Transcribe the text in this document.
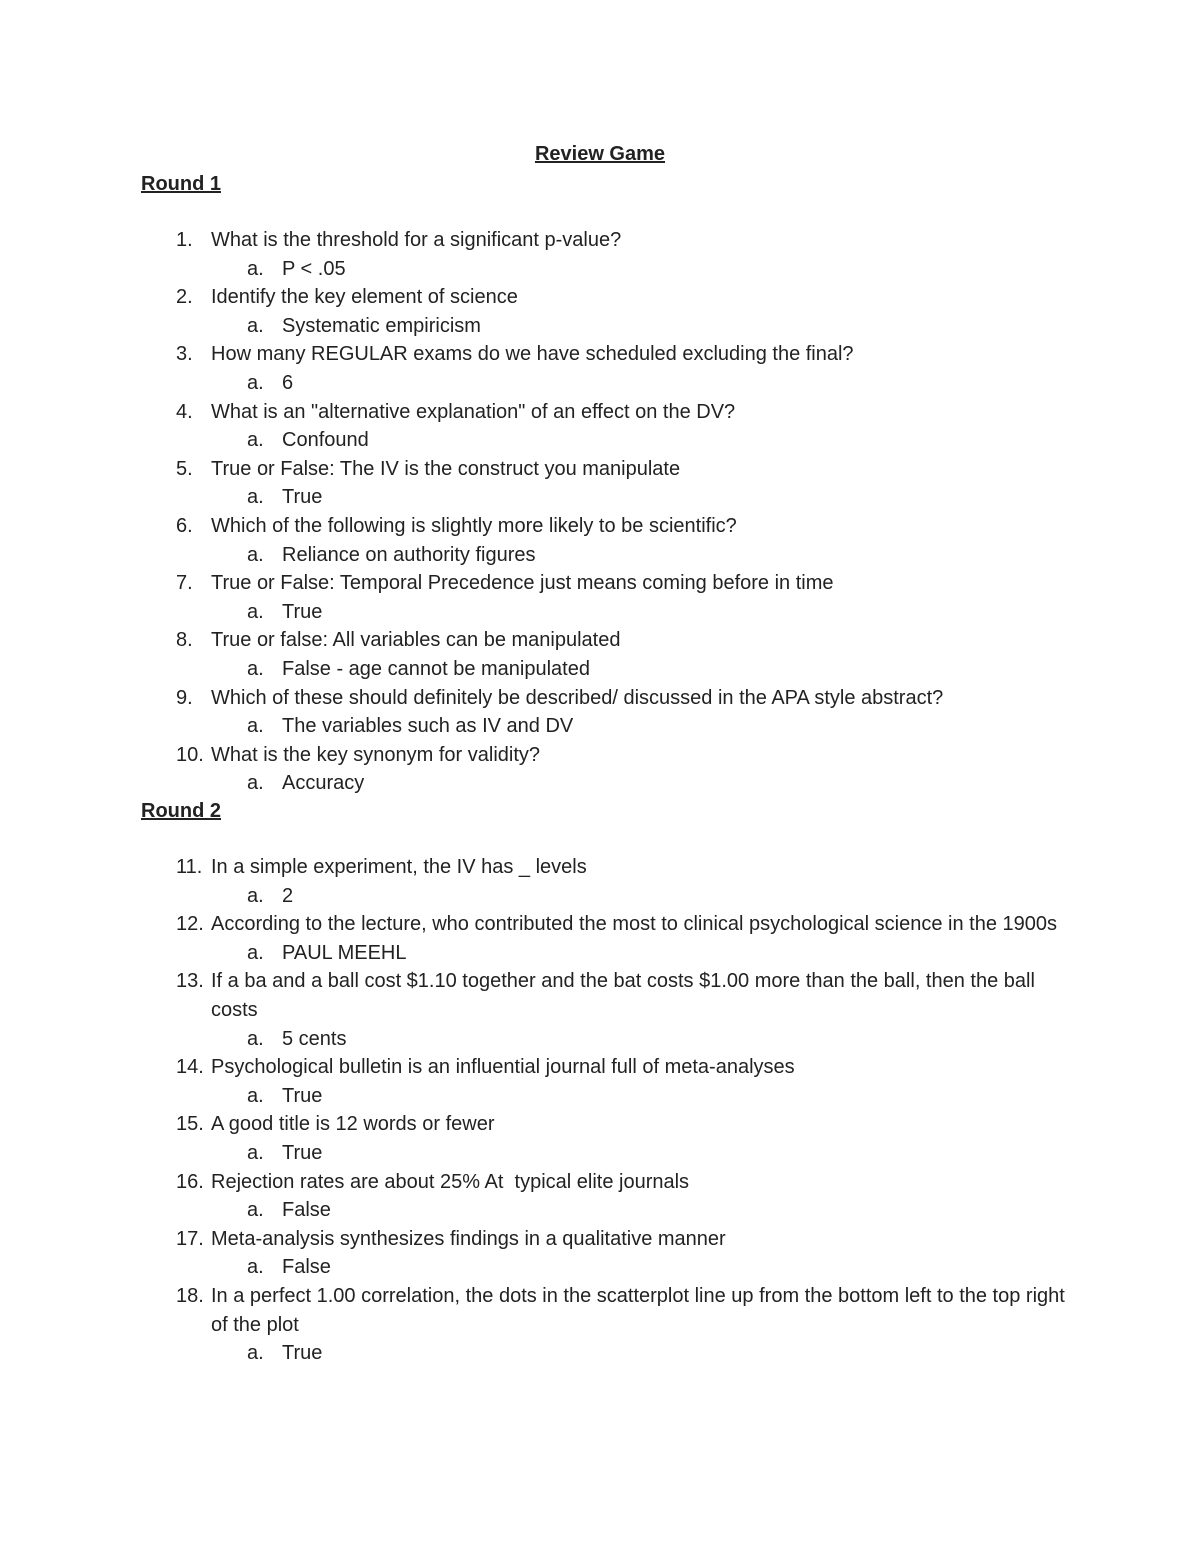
Review Game
Round 1
1. What is the threshold for a significant p-value?
a. P < .05
2. Identify the key element of science
a. Systematic empiricism
3. How many REGULAR exams do we have scheduled excluding the final?
a. 6
4. What is an "alternative explanation" of an effect on the DV?
a. Confound
5. True or False: The IV is the construct you manipulate
a. True
6. Which of the following is slightly more likely to be scientific?
a. Reliance on authority figures
7. True or False: Temporal Precedence just means coming before in time
a. True
8. True or false: All variables can be manipulated
a. False - age cannot be manipulated
9. Which of these should definitely be described/ discussed in the APA style abstract?
a. The variables such as IV and DV
10. What is the key synonym for validity?
a. Accuracy
Round 2
11. In a simple experiment, the IV has _ levels
a. 2
12. According to the lecture, who contributed the most to clinical psychological science in the 1900s
a. PAUL MEEHL
13. If a ba and a ball cost $1.10 together and the bat costs $1.00 more than the ball, then the ball costs
a. 5 cents
14. Psychological bulletin is an influential journal full of meta-analyses
a. True
15. A good title is 12 words or fewer
a. True
16. Rejection rates are about 25% At  typical elite journals
a. False
17. Meta-analysis synthesizes findings in a qualitative manner
a. False
18. In a perfect 1.00 correlation, the dots in the scatterplot line up from the bottom left to the top right of the plot
a. True
